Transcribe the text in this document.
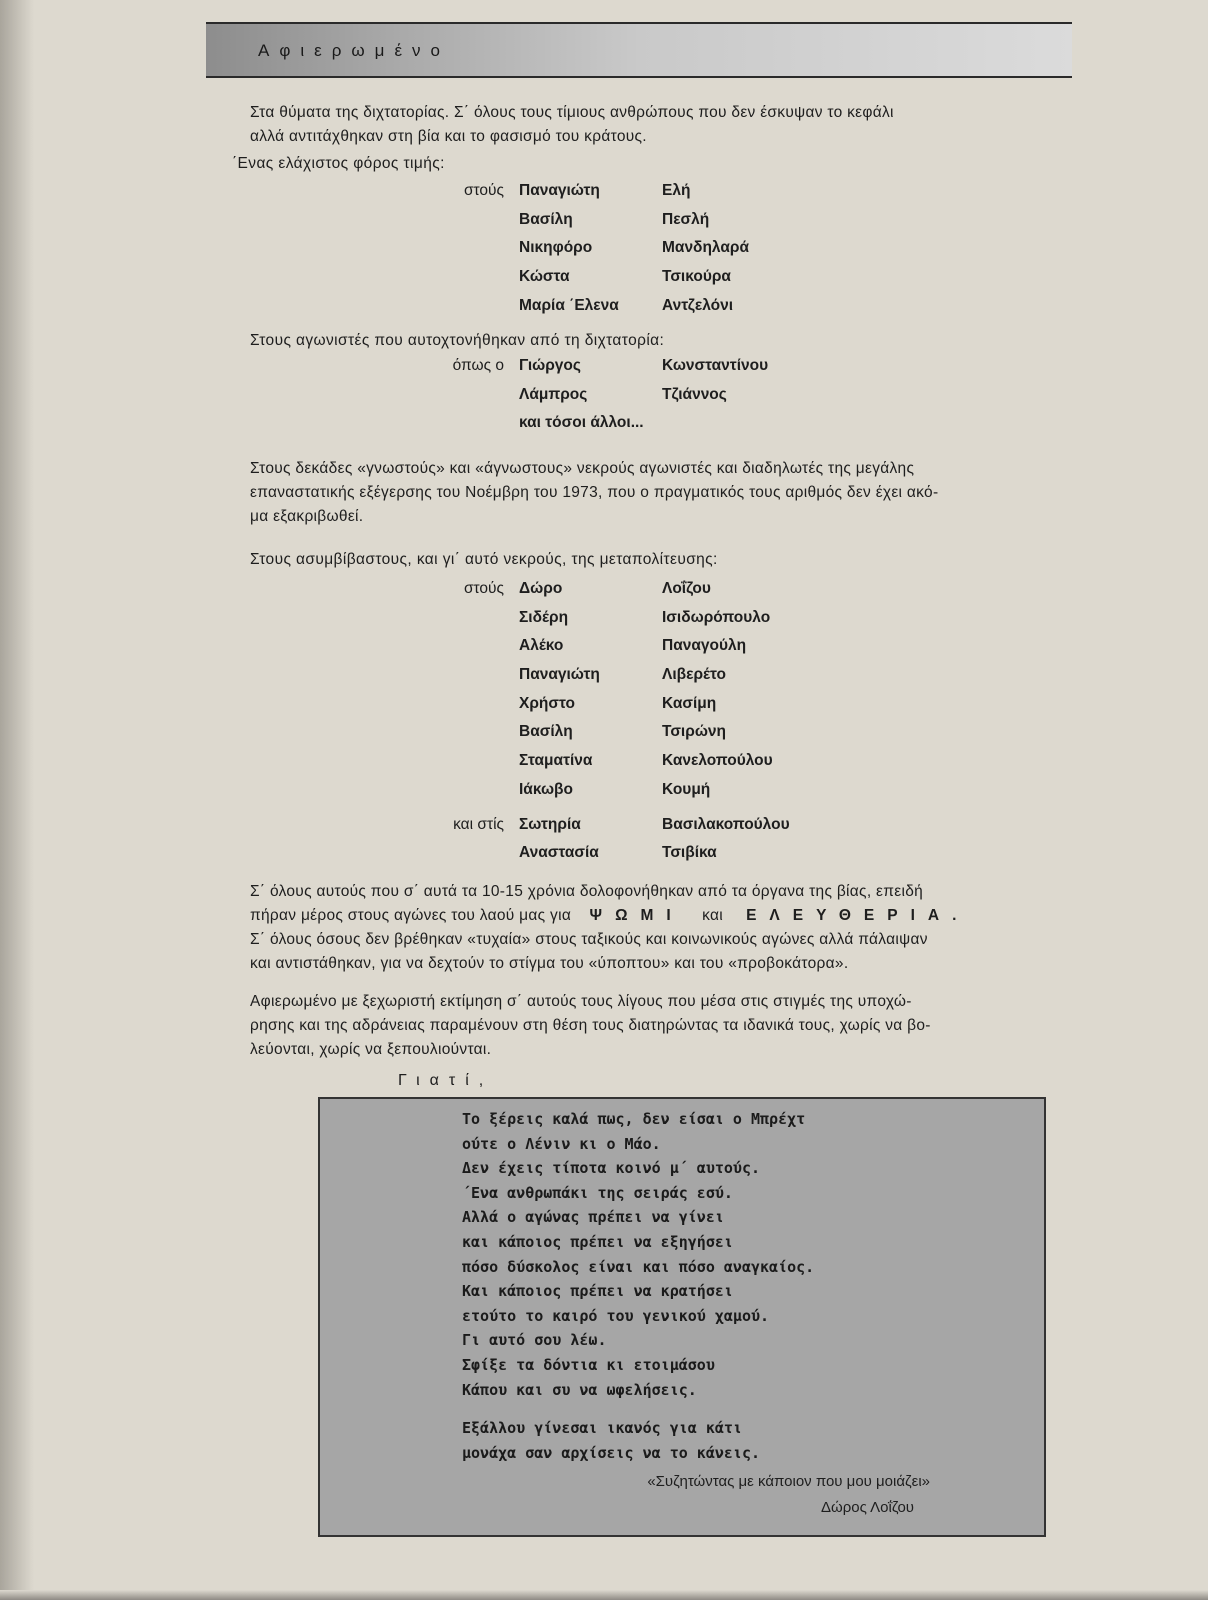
Αφιερωμένο
Στα θύματα της διχτατορίας. Σ΄ όλους τους τίμιους ανθρώπους που δεν έσκυψαν το κεφάλι
αλλά αντιτάχθηκαν στη βία και το φασισμό του κράτους.
΄Ενας ελάχιστος φόρος τιμής:
στούς Παναγιώτη	Ελή
Βασίλη	Πεσλή
Νικηφόρο	Μανδηλαρά
Κώστα	Τσικούρα
Μαρία ΄Ελενα	Αντζελόνι
Στους αγωνιστές που αυτοχτονήθηκαν από τη διχτατορία:
όπως ο Γιώργος	Κωνσταντίνου
Λάμπρος	Τζιάννος
και τόσοι άλλοι...
Στους δεκάδες «γνωστούς» και «άγνωστους» νεκρούς αγωνιστές και διαδηλωτές της μεγάλης
επαναστατικής εξέγερσης του Νοέμβρη του 1973, που ο πραγματικός τους αριθμός δεν έχει ακό-
μα εξακριβωθεί.
Στους ασυμβίβαστους, και γι΄ αυτό νεκρούς, της μεταπολίτευσης:
στούς Δώρο	Λοΐζου
Σιδέρη	Ισιδωρόπουλο
Αλέκο	Παναγούλη
Παναγιώτη	Λιβερέτο
Χρήστο	Κασίμη
Βασίλη	Τσιρώνη
Σταματίνα	Κανελοπούλου
Ιάκωβο	Κουμή
και στίς Σωτηρία	Βασιλακοπούλου
Αναστασία	Τσιβίκα
Σ΄ όλους αυτούς που σ΄ αυτά τα 10-15 χρόνια δολοφονήθηκαν από τα όργανα της βίας, επειδή
πήραν μέρος στους αγώνες του λαού μας για ΨΩΜΙ και ΕΛΕΥΘΕΡΙΑ.
Σ΄ όλους όσους δεν βρέθηκαν «τυχαία» στους ταξικούς και κοινωνικούς αγώνες αλλά πάλαιψαν
και αντιστάθηκαν, για να δεχτούν το στίγμα του «ύποπτου» και του «προβοκάτορα».
Αφιερωμένο με ξεχωριστή εκτίμηση σ΄ αυτούς τους λίγους που μέσα στις στιγμές της υποχώ-
ρησης και της αδράνειας παραμένουν στη θέση τους διατηρώντας τα ιδανικά τους, χωρίς να βο-
λεύονται, χωρίς να ξεπουλιούνται.
Γιατί,
Το ξέρεις καλά πως, δεν είσαι ο Μπρέχτ
ούτε ο Λένιν κι ο Μάο.
Δεν έχεις τίποτα κοινό μ΄ αυτούς.
΄Ενα ανθρωπάκι της σειράς εσύ.
Αλλά ο αγώνας πρέπει να γίνει
και κάποιος πρέπει να εξηγήσει
πόσο δύσκολος είναι και πόσο αναγκαίος.
Και κάποιος πρέπει να κρατήσει
ετούτο το καιρό του γενικού χαμού.
Γι αυτό σου λέω.
Σφίξε τα δόντια κι ετοιμάσου
Κάπου και συ να ωφελήσεις.
Εξάλλου γίνεσαι ικανός για κάτι
μονάχα σαν αρχίσεις να το κάνεις.
«Συζητώντας με κάποιον που μου μοιάζει»
Δώρος Λοΐζου
